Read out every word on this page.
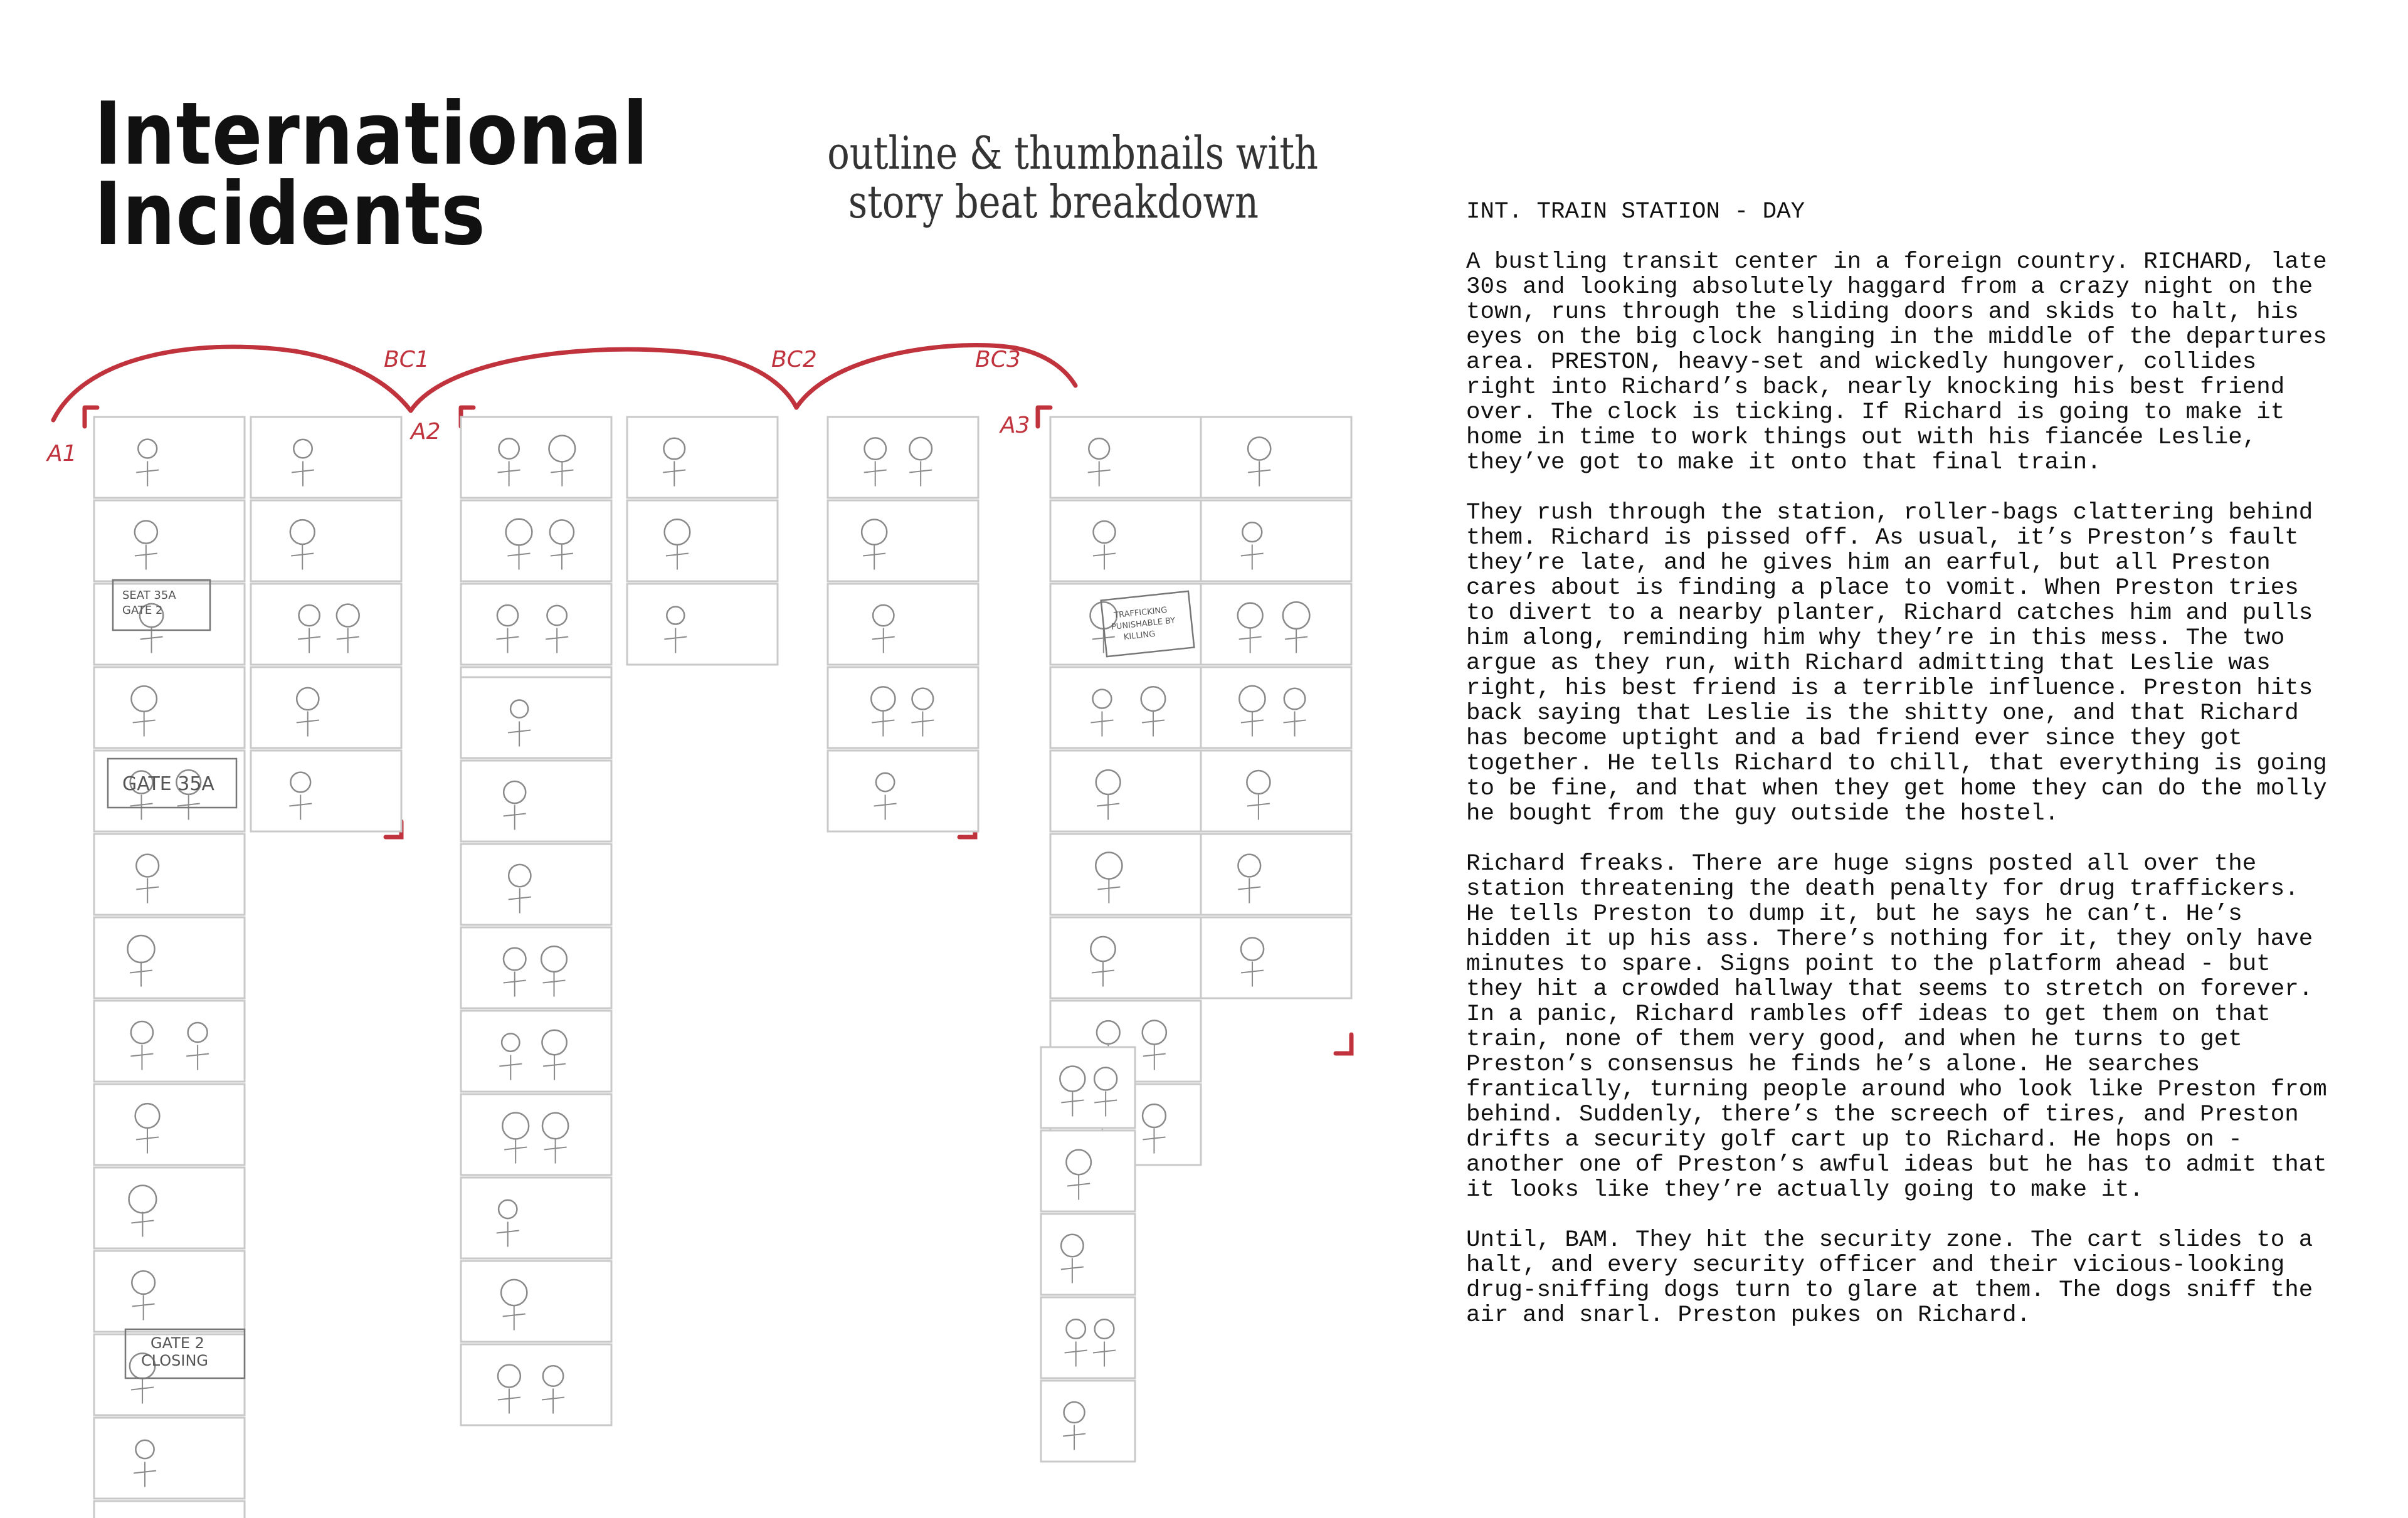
International
Incidents
outline & thumbnails with
story beat breakdown
A1
A2	A3
BC1	BC2	BC3
SEAT 35A GATE 2
GATE 35A
GATE 2 CLOSING
TRAFFICKINGPUNISHABLE BYKILLING
INT. TRAIN STATION - DAY
A bustling transit center in a foreign country. RICHARD, late
30s and looking absolutely haggard from a crazy night on the
town, runs through the sliding doors and skids to halt, his
eyes on the big clock hanging in the middle of the departures
area. PRESTON, heavy-set and wickedly hungover, collides
right into Richard’s back, nearly knocking his best friend
over. The clock is ticking. If Richard is going to make it
home in time to work things out with his fiancée Leslie,
they’ve got to make it onto that final train.
They rush through the station, roller-bags clattering behind
them. Richard is pissed off. As usual, it’s Preston’s fault
they’re late, and he gives him an earful, but all Preston
cares about is finding a place to vomit. When Preston tries
to divert to a nearby planter, Richard catches him and pulls
him along, reminding him why they’re in this mess. The two
argue as they run, with Richard admitting that Leslie was
right, his best friend is a terrible influence. Preston hits
back saying that Leslie is the shitty one, and that Richard
has become uptight and a bad friend ever since they got
together. He tells Richard to chill, that everything is going
to be fine, and that when they get home they can do the molly
he bought from the guy outside the hostel.
Richard freaks. There are huge signs posted all over the
station threatening the death penalty for drug traffickers.
He tells Preston to dump it, but he says he can’t. He’s
hidden it up his ass. There’s nothing for it, they only have
minutes to spare. Signs point to the platform ahead - but
they hit a crowded hallway that seems to stretch on forever.
In a panic, Richard rambles off ideas to get them on that
train, none of them very good, and when he turns to get
Preston’s consensus he finds he’s alone. He searches
frantically, turning people around who look like Preston from
behind. Suddenly, there’s the screech of tires, and Preston
drifts a security golf cart up to Richard. He hops on -
another one of Preston’s awful ideas but he has to admit that
it looks like they’re actually going to make it.
Until, BAM. They hit the security zone. The cart slides to a
halt, and every security officer and their vicious-looking
drug-sniffing dogs turn to glare at them. The dogs sniff the
air and snarl. Preston pukes on Richard.
